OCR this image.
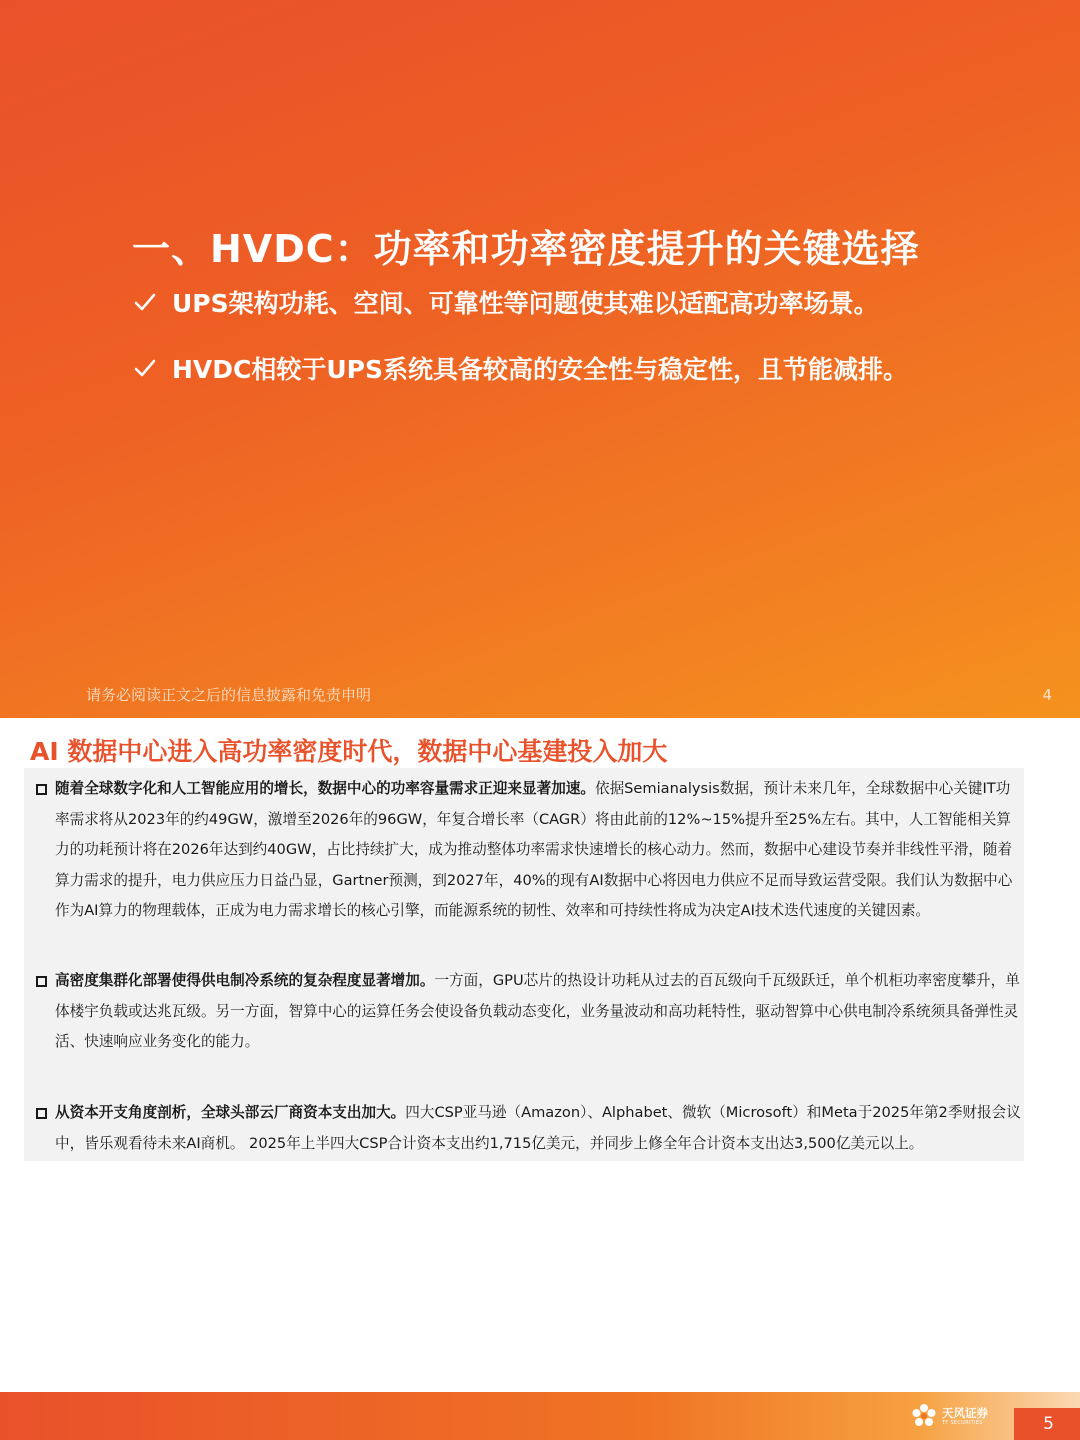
一、HVDC：功率和功率密度提升的关键选择
UPS架构功耗、空间、可靠性等问题使其难以适配高功率场景。
HVDC相较于UPS系统具备较高的安全性与稳定性，且节能减排。
请务必阅读正文之后的信息披露和免责申明	4
AI 数据中心进入高功率密度时代，数据中心基建投入加大
随着全球数字化和人工智能应用的增长，数据中心的功率容量需求正迎来显著加速。依据Semianalysis数据，预计未来几年，全球数据中心关键IT功率需求将从2023年的约49GW，激增至2026年的96GW，年复合增长率（CAGR）将由此前的12%~15%提升至25%左右。其中，人工智能相关算力的功耗预计将在2026年达到约40GW，占比持续扩大，成为推动整体功率需求快速增长的核心动力。然而，数据中心建设节奏并非线性平滑，随着算力需求的提升，电力供应压力日益凸显，Gartner预测，到2027年，40%的现有AI数据中心将因电力供应不足而导致运营受限。我们认为数据中心作为AI算力的物理载体，正成为电力需求增长的核心引擎，而能源系统的韧性、效率和可持续性将成为决定AI技术迭代速度的关键因素。
高密度集群化部署使得供电制冷系统的复杂程度显著增加。一方面，GPU芯片的热设计功耗从过去的百瓦级向千瓦级跃迁，单个机柜功率密度攀升，单体楼宇负载或达兆瓦级。另一方面，智算中心的运算任务会使设备负载动态变化，业务量波动和高功耗特性，驱动智算中心供电制冷系统须具备弹性灵活、快速响应业务变化的能力。
从资本开支角度剖析，全球头部云厂商资本支出加大。四大CSP亚马逊（Amazon）、Alphabet、微软（Microsoft）和Meta于2025年第2季财报会议中，皆乐观看待未来AI商机。 2025年上半四大CSP合计资本支出约1,715亿美元，并同步上修全年合计资本支出达3,500亿美元以上。
天风证券
TF SECURITIES	5
